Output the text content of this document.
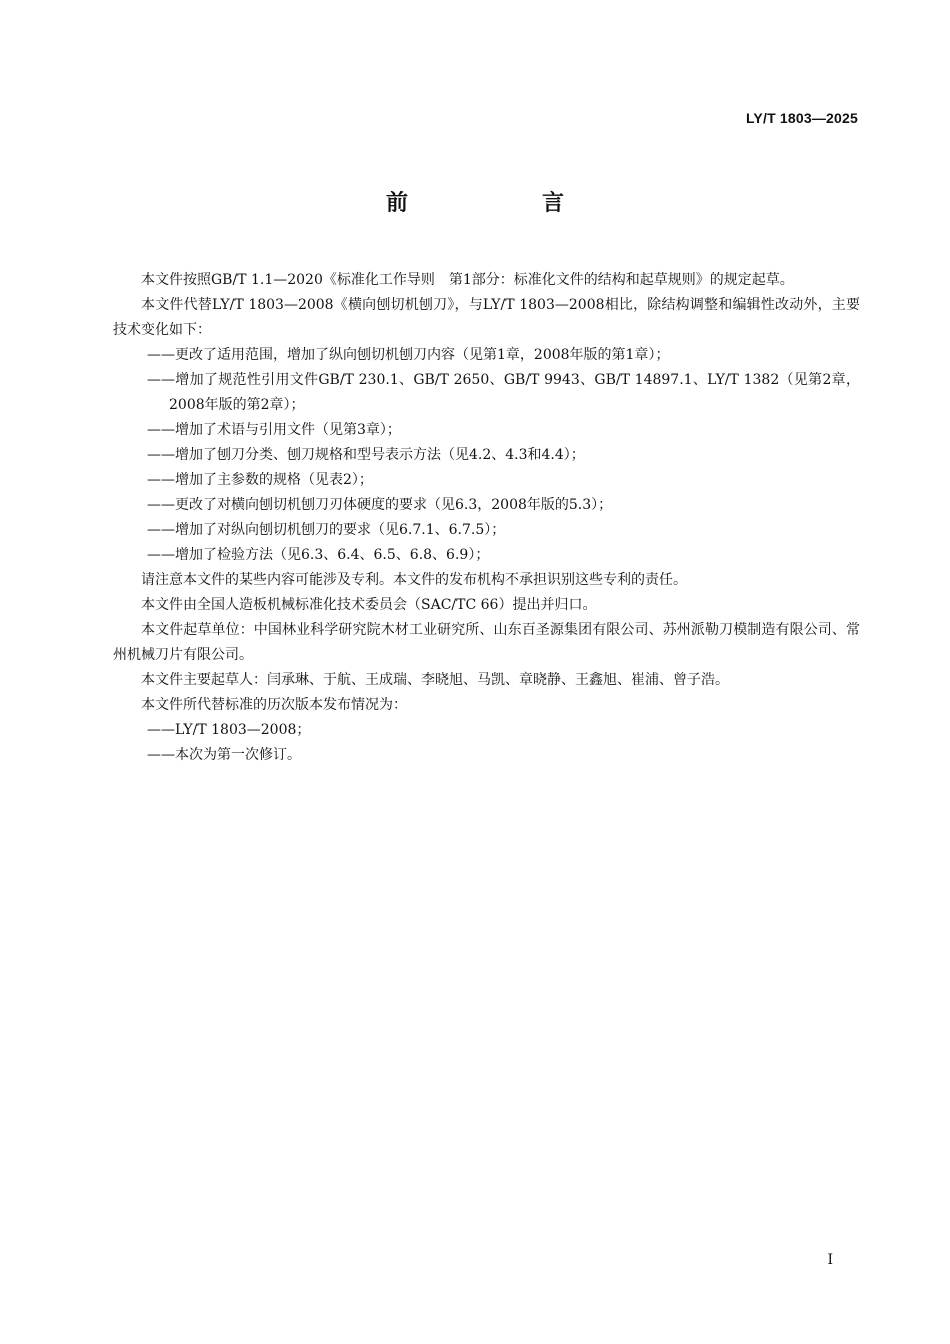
LY/T 1803—2025
前　言

本文件按照GB/T 1.1—2020《标准化工作导则　第1部分：标准化文件的结构和起草规则》的规定起草。

本文件代替LY/T 1803—2008《横向刨切机刨刀》，与LY/T 1803—2008相比，除结构调整和编辑性改动外，主要技术变化如下：

——更改了适用范围，增加了纵向刨切机刨刀内容（见第1章，2008年版的第1章）；

——增加了规范性引用文件GB/T 230.1、GB/T 2650、GB/T 9943、GB/T 14897.1、LY/T 1382（见第2章，2008年版的第2章）；

——增加了术语与引用文件（见第3章）；

——增加了刨刀分类、刨刀规格和型号表示方法（见4.2、4.3和4.4）；

——增加了主参数的规格（见表2）；

——更改了对横向刨切机刨刀刃体硬度的要求（见6.3，2008年版的5.3）；

——增加了对纵向刨切机刨刀的要求（见6.7.1、6.7.5）；

——增加了检验方法（见6.3、6.4、6.5、6.8、6.9）；

请注意本文件的某些内容可能涉及专利。本文件的发布机构不承担识别这些专利的责任。

本文件由全国人造板机械标准化技术委员会（SAC/TC 66）提出并归口。

本文件起草单位：中国林业科学研究院木材工业研究所、山东百圣源集团有限公司、苏州派勒刀模制造有限公司、常州机械刀片有限公司。

本文件主要起草人：闫承琳、于航、王成瑞、李晓旭、马凯、章晓静、王鑫旭、崔浦、曾子浩。

本文件所代替标准的历次版本发布情况为：

——LY/T 1803—2008；

——本次为第一次修订。

I
